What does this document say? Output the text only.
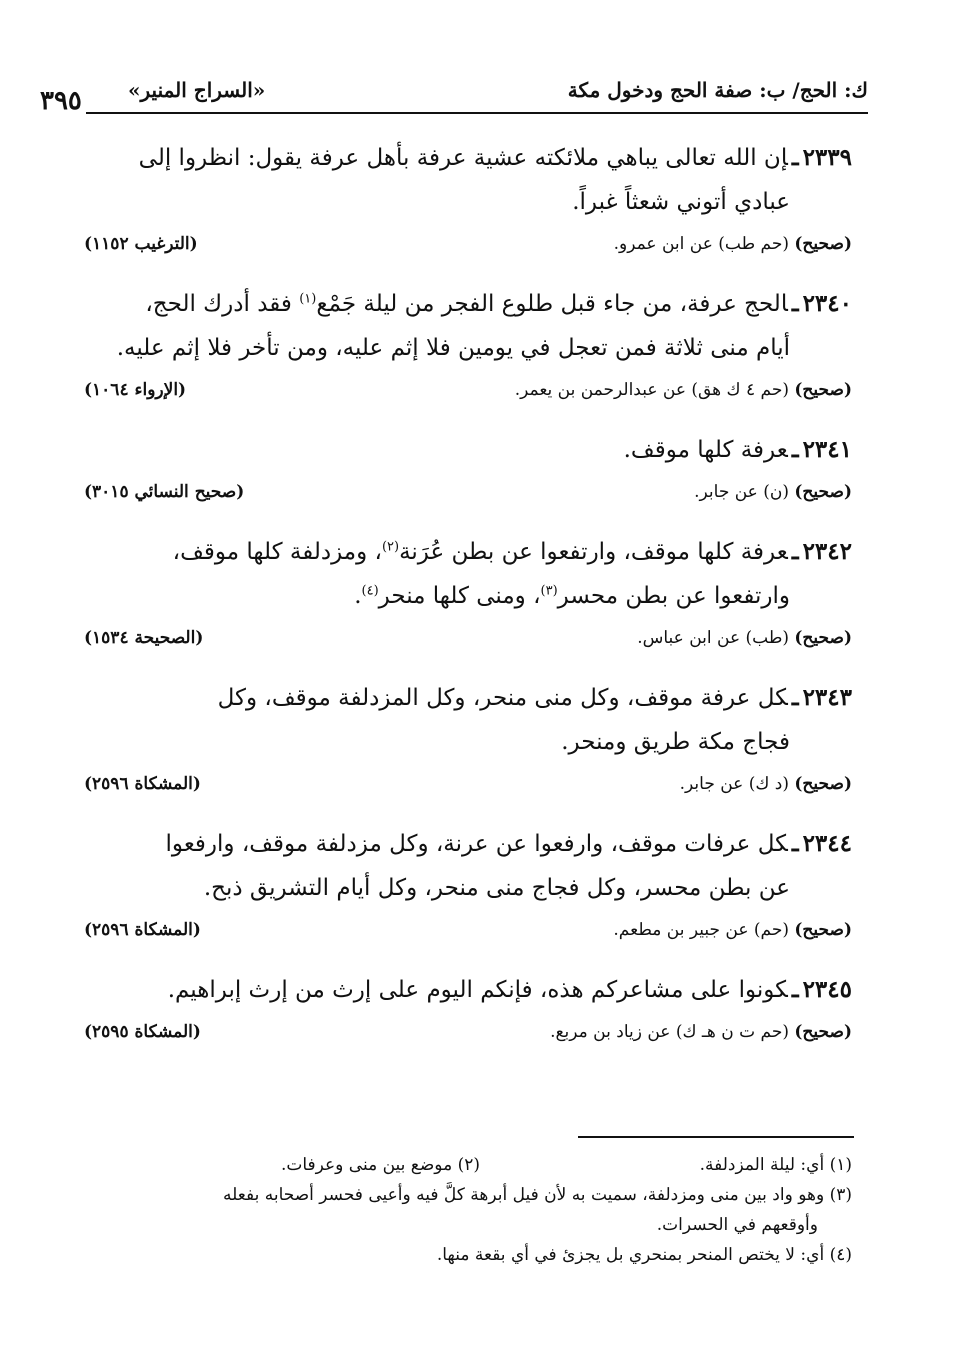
ك: الحج/ ب: صفة الحج ودخول مكة
«السراج المنير»
٣٩٥
٢٣٣٩ـإن الله تعالى يباهي ملائكته عشية عرفة بأهل عرفة يقول: انظروا إلى
عبادي أتوني شعثاً غبراً.
(صحيح) (حم طب) عن ابن عمرو.
(الترغيب ١١٥٢)
٢٣٤٠ـالحج عرفة، من جاء قبل طلوع الفجر من ليلة جَمْع$^{(١)}$ فقد أدرك الحج،
أيام منى ثلاثة فمن تعجل في يومين فلا إثم عليه، ومن تأخر فلا إثم عليه.
(صحيح) (حم ٤ ك هق) عن عبدالرحمن بن يعمر.
(الإرواء ١٠٦٤)
٢٣٤١ـعرفة كلها موقف.
(صحيح) (ن) عن جابر.
(صحيح النسائي ٣٠١٥)
٢٣٤٢ـعرفة كلها موقف، وارتفعوا عن بطن عُرَنة$^{(٢)}$، ومزدلفة كلها موقف،
وارتفعوا عن بطن محسر$^{(٣)}$، ومنى كلها منحر$^{(٤)}$.
(صحيح) (طب) عن ابن عباس.
(الصحيحة ١٥٣٤)
٢٣٤٣ـكل عرفة موقف، وكل منى منحر، وكل المزدلفة موقف، وكل
فجاج مكة طريق ومنحر.
(صحيح) (د ك) عن جابر.
(المشكاة ٢٥٩٦)
٢٣٤٤ـكل عرفات موقف، وارفعوا عن عرنة، وكل مزدلفة موقف، وارفعوا
عن بطن محسر، وكل فجاج منى منحر، وكل أيام التشريق ذبح.
(صحيح) (حم) عن جبير بن مطعم.
(المشكاة ٢٥٩٦)
٢٣٤٥ـكونوا على مشاعركم هذه، فإنكم اليوم على إرث من إرث إبراهيم.
(صحيح) (حم ت ن هـ ك) عن زياد بن مربع.
(المشكاة ٢٥٩٥)
(١) أي: ليلة المزدلفة.
(٢) موضع بين منى وعرفات.
(٣) وهو واد بين منى ومزدلفة، سميت به لأن فيل أبرهة كلَّ فيه وأعيى فحسر أصحابه بفعله
وأوقعهم في الحسرات.
(٤) أي: لا يختص المنحر بمنحري بل يجزئ في أي بقعة منها.
